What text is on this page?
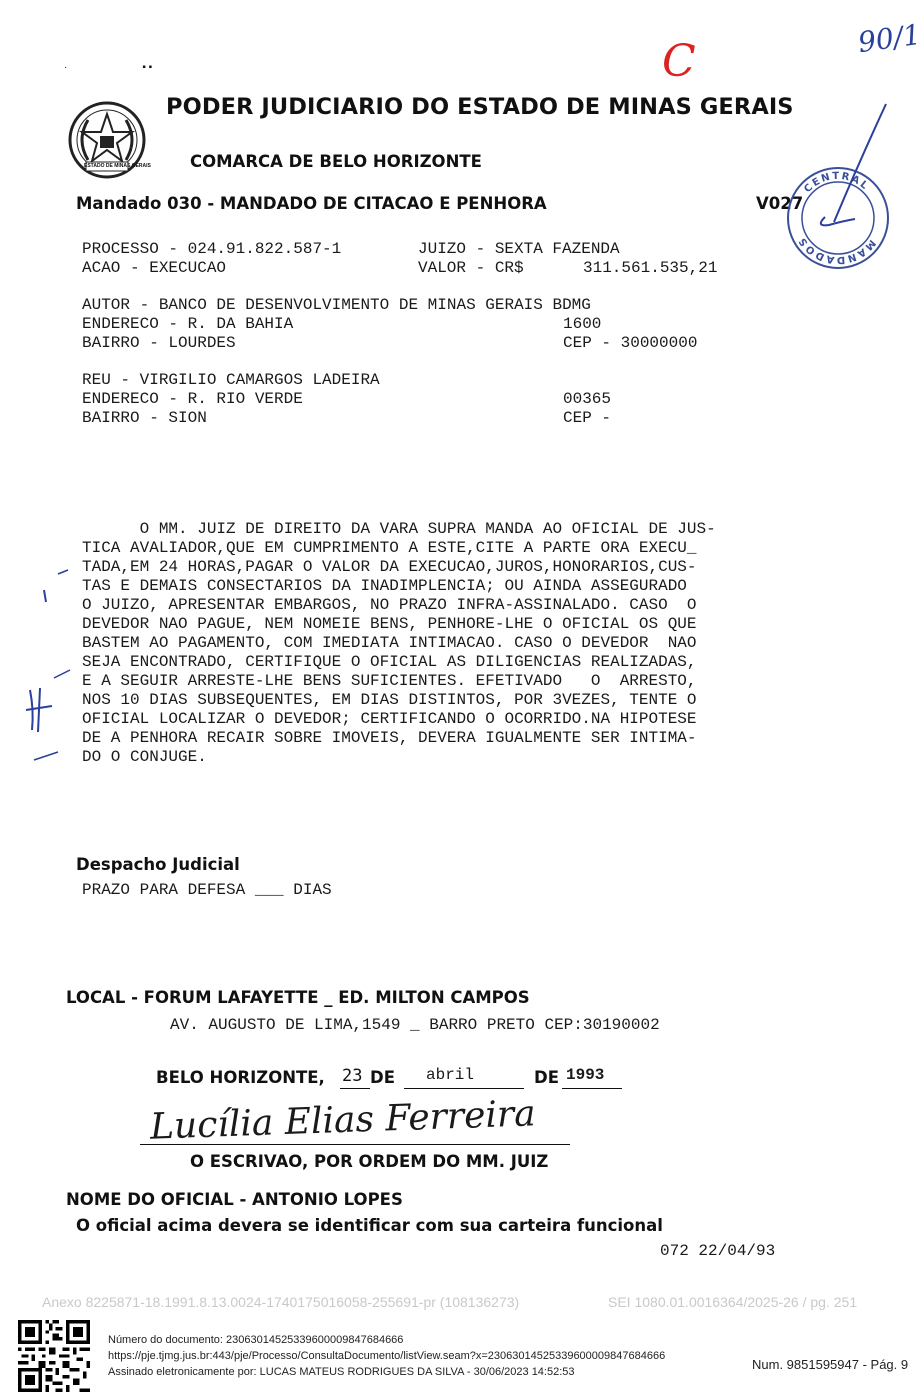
·                           ▪ ▪	C	90/1
ESTADO DE MINAS GERAIS
PODER JUDICIARIO DO ESTADO DE MINAS GERAIS
COMARCA DE BELO HORIZONTE
Mandado 030 - MANDADO DE CITACAO E PENHORA	V027
CENTRAL
MANDADOS
PROCESSO - 024.91.822.587-1	JUIZO - SEXTA FAZENDA
ACAO - EXECUCAO	VALOR - CR$	311.561.535,21
AUTOR - BANCO DE DESENVOLVIMENTO DE MINAS GERAIS BDMG
ENDERECO - R. DA BAHIA	1600
BAIRRO - LOURDES	CEP - 30000000
REU - VIRGILIO CAMARGOS LADEIRA
ENDERECO - R. RIO VERDE	00365
BAIRRO - SION	CEP -
O MM. JUIZ DE DIREITO DA VARA SUPRA MANDA AO OFICIAL DE JUS-
TICA AVALIADOR,QUE EM CUMPRIMENTO A ESTE,CITE A PARTE ORA EXECU_
TADA,EM 24 HORAS,PAGAR O VALOR DA EXECUCAO,JUROS,HONORARIOS,CUS-
TAS E DEMAIS CONSECTARIOS DA INADIMPLENCIA; OU AINDA ASSEGURADO
O JUIZO, APRESENTAR EMBARGOS, NO PRAZO INFRA-ASSINALADO. CASO  O
DEVEDOR NAO PAGUE, NEM NOMEIE BENS, PENHORE-LHE O OFICIAL OS QUE
BASTEM AO PAGAMENTO, COM IMEDIATA INTIMACAO. CASO O DEVEDOR  NAO
SEJA ENCONTRADO, CERTIFIQUE O OFICIAL AS DILIGENCIAS REALIZADAS,
E A SEGUIR ARRESTE-LHE BENS SUFICIENTES. EFETIVADO   O  ARRESTO,
NOS 10 DIAS SUBSEQUENTES, EM DIAS DISTINTOS, POR 3VEZES, TENTE O
OFICIAL LOCALIZAR O DEVEDOR; CERTIFICANDO O OCORRIDO.NA HIPOTESE
DE A PENHORA RECAIR SOBRE IMOVEIS, DEVERA IGUALMENTE SER INTIMA-
DO O CONJUGE.
Despacho Judicial
PRAZO PARA DEFESA ___ DIAS
LOCAL - FORUM LAFAYETTE _ ED. MILTON CAMPOS
AV. AUGUSTO DE LIMA,1549 _ BARRO PRETO CEP:30190002
BELO HORIZONTE, 23 DE abril	DE 1993
Lucília Elias Ferreira
O ESCRIVAO, POR ORDEM DO MM. JUIZ
NOME DO OFICIAL - ANTONIO LOPES
O oficial acima devera se identificar com sua carteira funcional
072 22/04/93
Anexo 8225871-18.1991.8.13.0024-1740175016058-255691-pr (108136273)	SEI 1080.01.0016364/2025-26 / pg. 251
Número do documento: 23063014525339600009847684666
https://pje.tjmg.jus.br:443/pje/Processo/ConsultaDocumento/listView.seam?x=23063014525339600009847684666
Assinado eletronicamente por: LUCAS MATEUS RODRIGUES DA SILVA - 30/06/2023 14:52:53	Num. 9851595947 - Pág. 9
